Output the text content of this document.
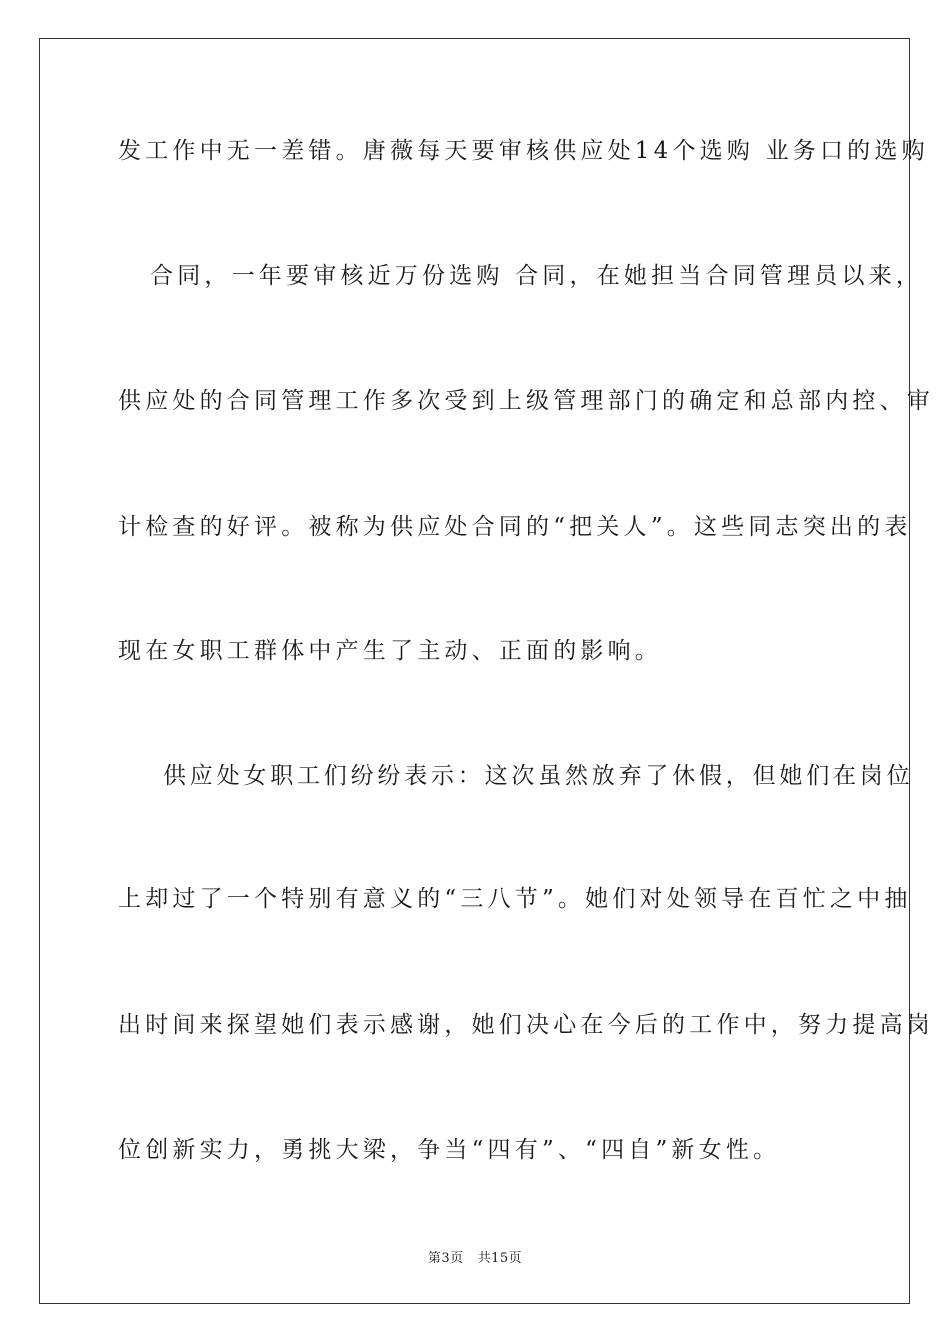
发工作中无一差错。唐薇每天要审核供应处14个选购 业务口的选购
合同，一年要审核近万份选购 合同，在她担当合同管理员以来，
供应处的合同管理工作多次受到上级管理部门的确定和总部内控、审
计检查的好评。被称为供应处合同的“把关人”。这些同志突出的表
现在女职工群体中产生了主动、正面的影响。
供应处女职工们纷纷表示：这次虽然放弃了休假，但她们在岗位
上却过了一个特别有意义的“三八节”。她们对处领导在百忙之中抽
出时间来探望她们表示感谢，她们决心在今后的工作中，努力提高岗
位创新实力，勇挑大梁，争当“四有”、“四自”新女性。
第3页 共15页
